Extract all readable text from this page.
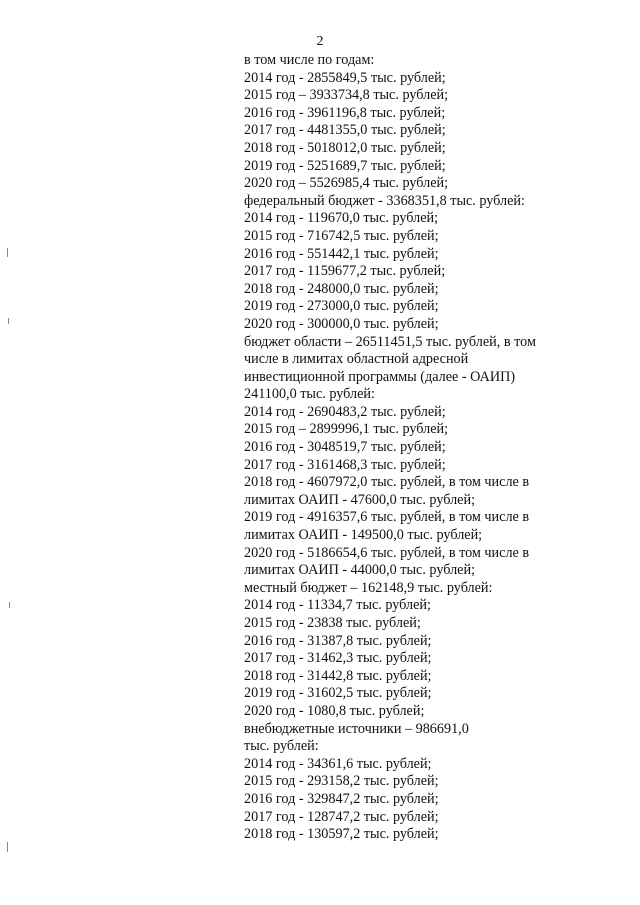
2
в том числе по годам:
2014 год - 2855849,5 тыс. рублей;
2015 год – 3933734,8 тыс. рублей;
2016 год - 3961196,8 тыс. рублей;
2017 год - 4481355,0 тыс. рублей;
2018 год - 5018012,0 тыс. рублей;
2019 год - 5251689,7 тыс. рублей;
2020 год – 5526985,4 тыс. рублей;
федеральный бюджет - 3368351,8 тыс. рублей:
2014 год - 119670,0 тыс. рублей;
2015 год - 716742,5 тыс. рублей;
2016 год - 551442,1 тыс. рублей;
2017 год - 1159677,2 тыс. рублей;
2018 год - 248000,0 тыс. рублей;
2019 год - 273000,0 тыс. рублей;
2020 год - 300000,0 тыс. рублей;
бюджет области – 26511451,5 тыс. рублей, в том
числе в лимитах областной адресной
инвестиционной программы (далее - ОАИП)
241100,0 тыс. рублей:
2014 год - 2690483,2 тыс. рублей;
2015 год – 2899996,1 тыс. рублей;
2016 год - 3048519,7 тыс. рублей;
2017 год - 3161468,3 тыс. рублей;
2018 год - 4607972,0 тыс. рублей, в том числе в
лимитах ОАИП - 47600,0 тыс. рублей;
2019 год - 4916357,6 тыс. рублей, в том числе в
лимитах ОАИП - 149500,0 тыс. рублей;
2020 год - 5186654,6 тыс. рублей, в том числе в
лимитах ОАИП - 44000,0 тыс. рублей;
местный бюджет – 162148,9 тыс. рублей:
2014 год - 11334,7 тыс. рублей;
2015 год - 23838 тыс. рублей;
2016 год - 31387,8 тыс. рублей;
2017 год - 31462,3 тыс. рублей;
2018 год - 31442,8 тыс. рублей;
2019 год - 31602,5 тыс. рублей;
2020 год - 1080,8 тыс. рублей;
внебюджетные источники – 986691,0
тыс. рублей:
2014 год - 34361,6 тыс. рублей;
2015 год - 293158,2 тыс. рублей;
2016 год - 329847,2 тыс. рублей;
2017 год - 128747,2 тыс. рублей;
2018 год - 130597,2 тыс. рублей;
